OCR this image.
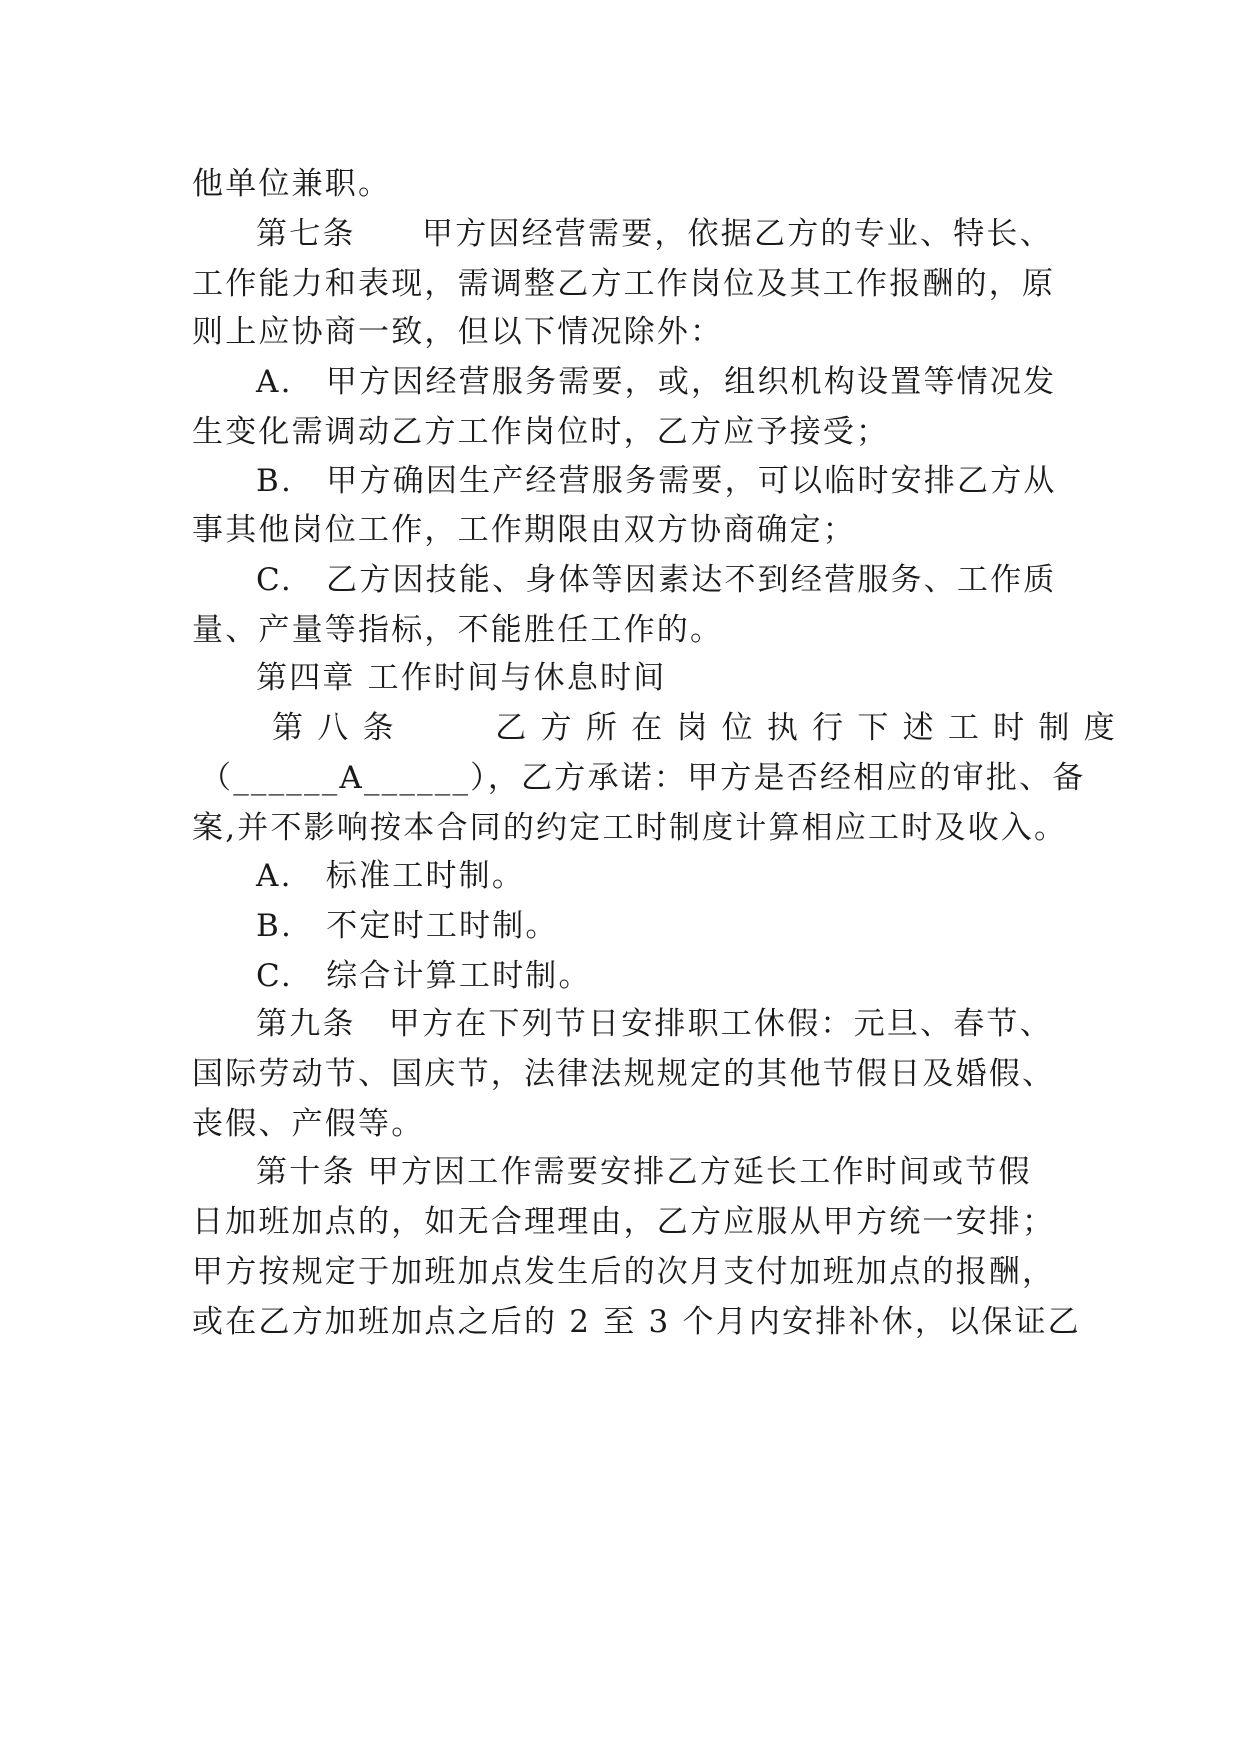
他单位兼职。
第七条　　甲方因经营需要，依据乙方的专业、特长、
工作能力和表现，需调整乙方工作岗位及其工作报酬的，原
则上应协商一致，但以下情况除外：
A.　甲方因经营服务需要，或，组织机构设置等情况发
生变化需调动乙方工作岗位时，乙方应予接受；
B.　甲方确因生产经营服务需要，可以临时安排乙方从
事其他岗位工作，工作期限由双方协商确定；
C.　乙方因技能、身体等因素达不到经营服务、工作质
量、产量等指标，不能胜任工作的。
第四章 工作时间与休息时间
第 八 条　　　乙 方 所 在 岗 位 执 行 下 述 工 时 制 度
（______A______），乙方承诺：甲方是否经相应的审批、备
案,并不影响按本合同的约定工时制度计算相应工时及收入。
A.　标准工时制。
B.　不定时工时制。
C.　综合计算工时制。
第九条　甲方在下列节日安排职工休假：元旦、春节、
国际劳动节、国庆节，法律法规规定的其他节假日及婚假、
丧假、产假等。
第十条 甲方因工作需要安排乙方延长工作时间或节假
日加班加点的，如无合理理由，乙方应服从甲方统一安排；
甲方按规定于加班加点发生后的次月支付加班加点的报酬，
或在乙方加班加点之后的 2 至 3 个月内安排补休，以保证乙
